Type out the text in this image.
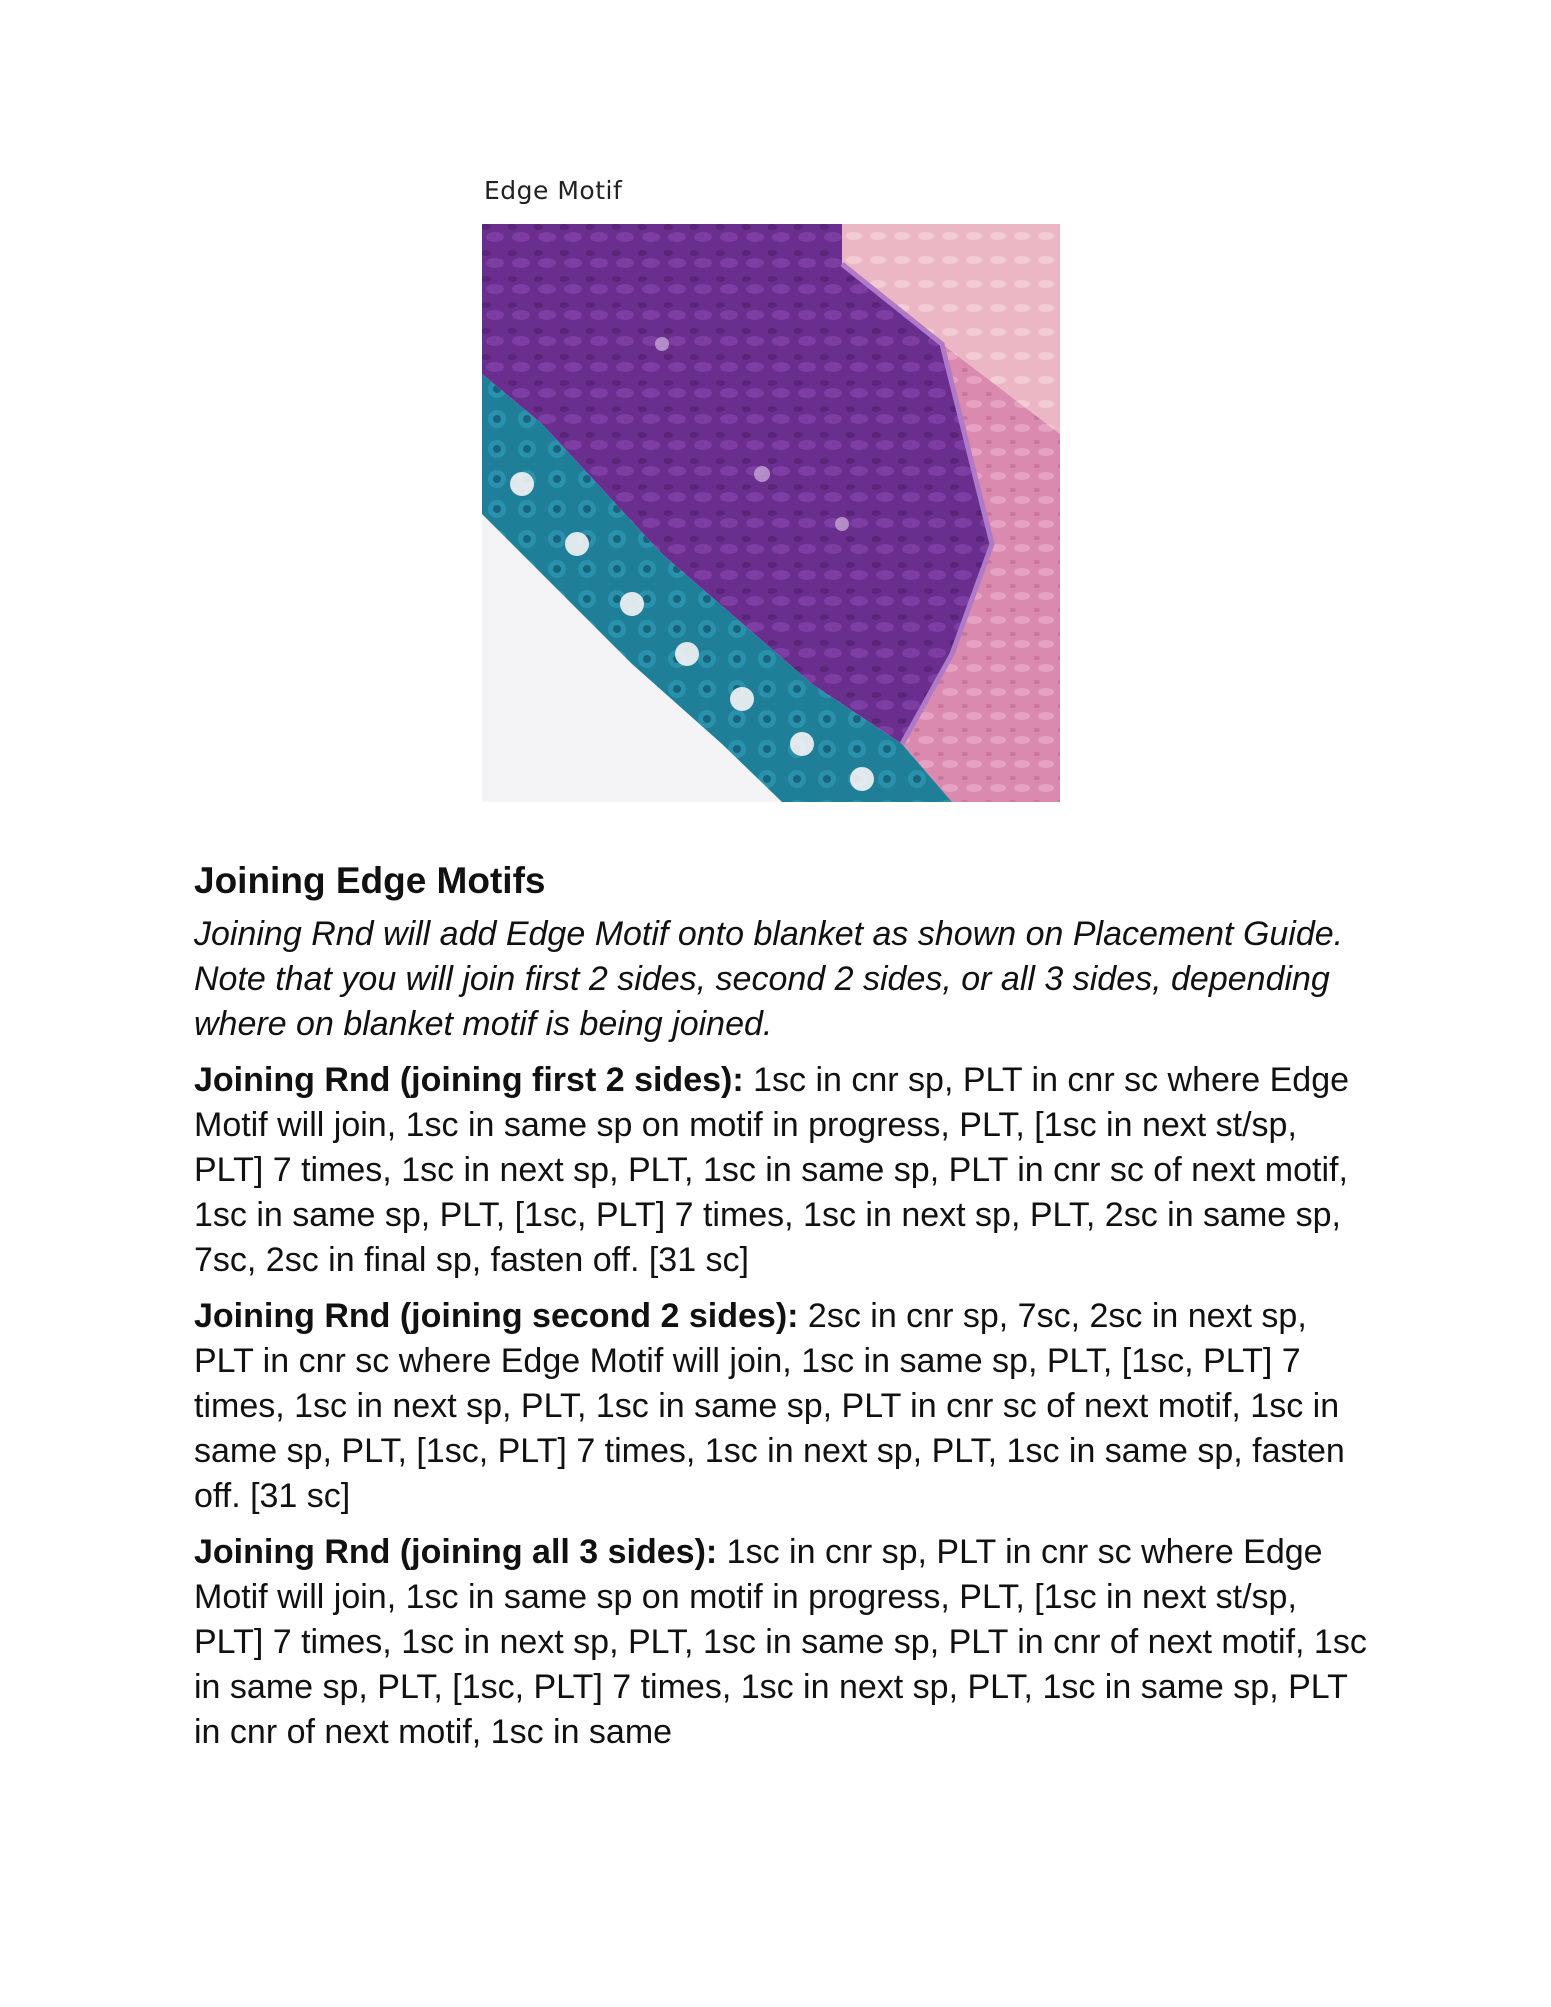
Edge Motif
Joining Edge Motifs

Joining Rnd will add Edge Motif onto blanket as shown on Placement Guide. Note that you will join first 2 sides, second 2 sides, or all 3 sides, depending where on blanket motif is being joined.

Joining Rnd (joining first 2 sides): 1sc in cnr sp, PLT in cnr sc where Edge Motif will join, 1sc in same sp on motif in progress, PLT, [1sc in next st/sp, PLT] 7 times, 1sc in next sp, PLT, 1sc in same sp, PLT in cnr sc of next motif, 1sc in same sp, PLT, [1sc, PLT] 7 times, 1sc in next sp, PLT, 2sc in same sp, 7sc, 2sc in final sp, fasten off. [31 sc]

Joining Rnd (joining second 2 sides): 2sc in cnr sp, 7sc, 2sc in next sp, PLT in cnr sc where Edge Motif will join, 1sc in same sp, PLT, [1sc, PLT] 7 times, 1sc in next sp, PLT, 1sc in same sp, PLT in cnr sc of next motif, 1sc in same sp, PLT, [1sc, PLT] 7 times, 1sc in next sp, PLT, 1sc in same sp, fasten off. [31 sc]

Joining Rnd (joining all 3 sides): 1sc in cnr sp, PLT in cnr sc where Edge Motif will join, 1sc in same sp on motif in progress, PLT, [1sc in next st/sp, PLT] 7 times, 1sc in next sp, PLT, 1sc in same sp, PLT in cnr of next motif, 1sc in same sp, PLT, [1sc, PLT] 7 times, 1sc in next sp, PLT, 1sc in same sp, PLT in cnr of next motif, 1sc in same
